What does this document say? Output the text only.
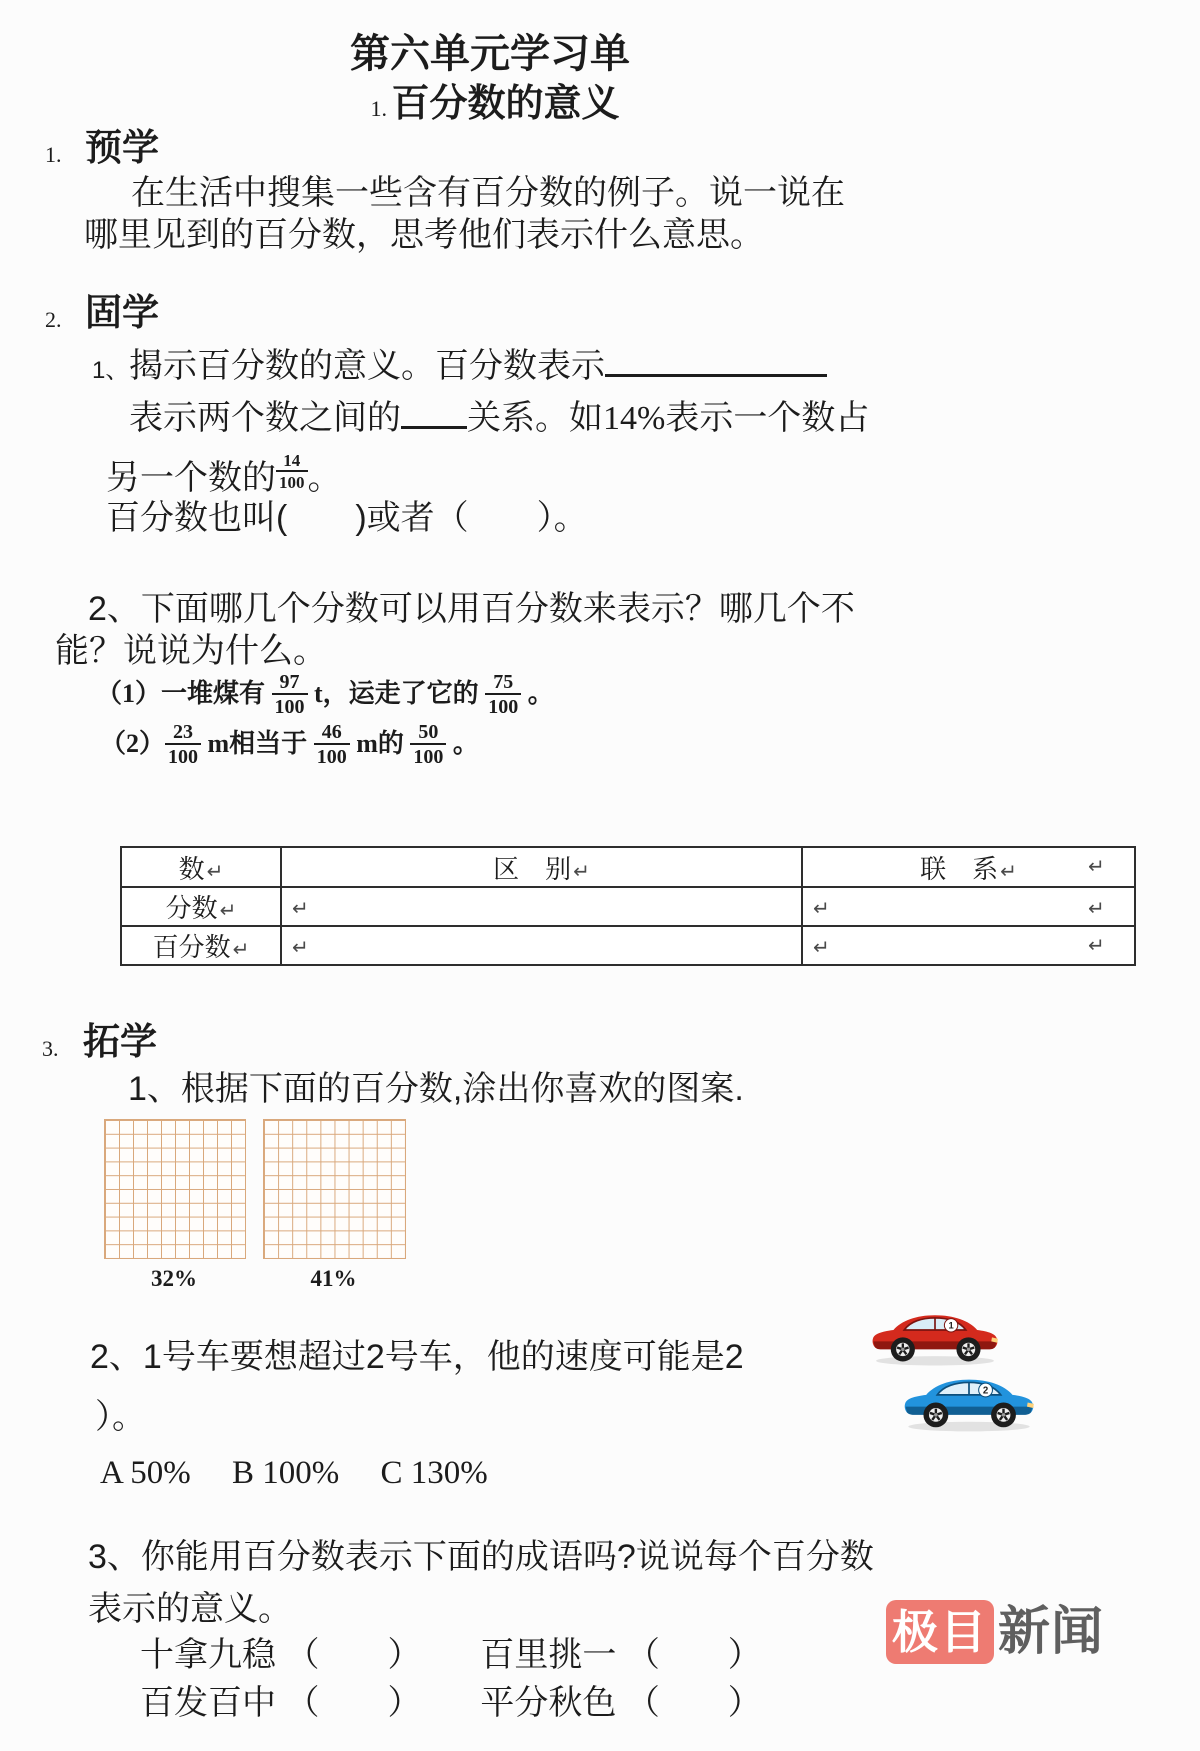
第六单元学习单
1. 百分数的意义
1. 预学
在生活中搜集一些含有百分数的例子。说一说在
哪里见到的百分数，思考他们表示什么意思。
2. 固学
1、 揭示百分数的意义。百分数表示
表示两个数之间的 关系。如14%表示一个数占
另一个数的 $\frac{14}{100}$ 。
百分数也叫(　　)或者（　　）。
2、下面哪几个分数可以用百分数来表示？哪几个不
能？说说为什么。
（1）一堆煤有 $\frac{97}{100}$ t，运走了它的 $\frac{75}{100}$ 。
$(2) \frac{23}{100}$ m相当于 $\frac{46}{100}$ m的 $\frac{50}{100}$ 。
数 ↵	区　别 ↵	联　系 ↵
分数 ↵	↵	↵
百分数 ↵	↵	↵
↵
↵
↵
3. 拓学
1、根据下面的百分数,涂出你喜欢的图案.
32%	41%
2、1号车要想超过2号车，他的速度可能是2
）。
A 50%　 B 100%　 C 130%
1
2
3、你能用百分数表示下面的成语吗?说说每个百分数
表示的意义。
十拿九稳 （　　） 百里挑一 （　　）
百发百中 （　　） 平分秋色 （　　）
极目 新闻
